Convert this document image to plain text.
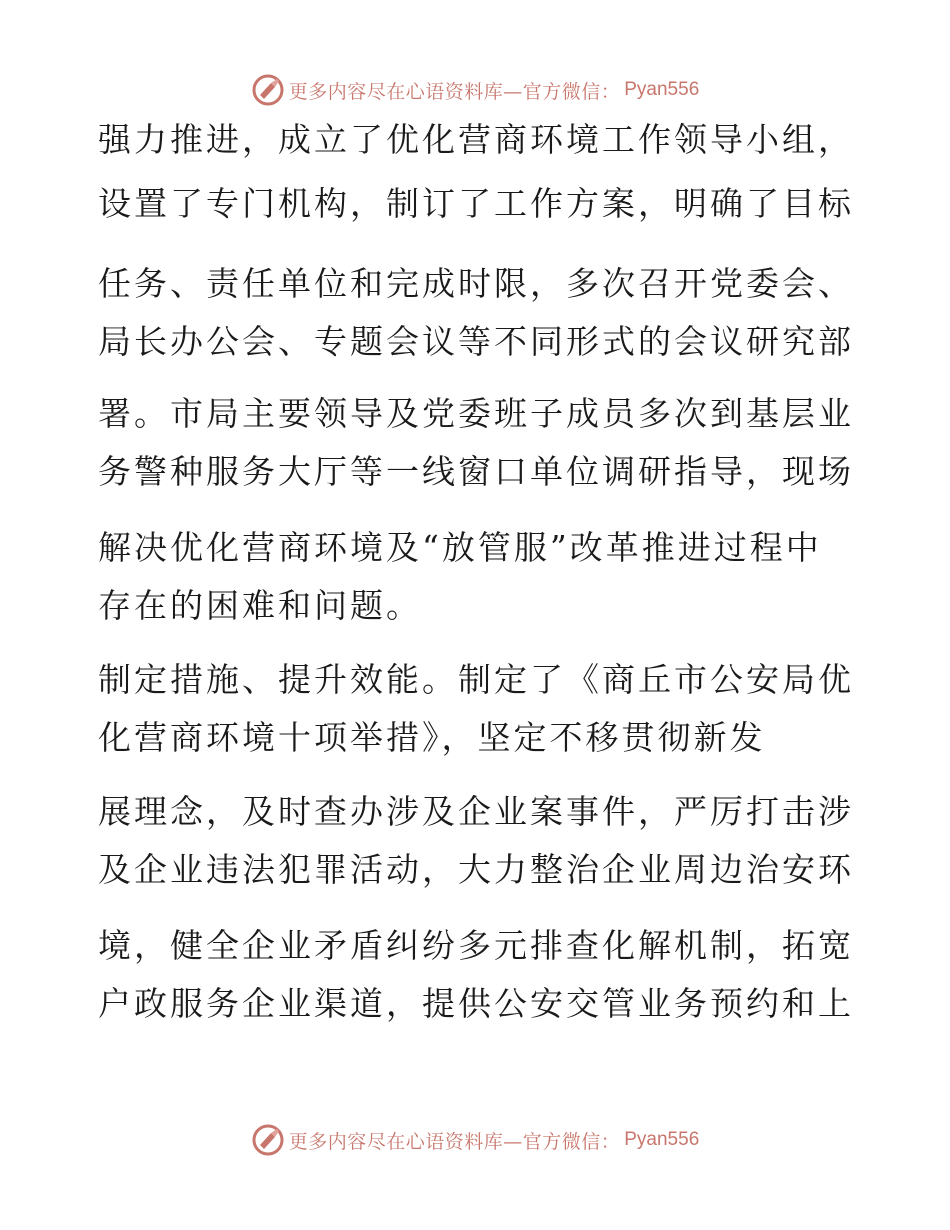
更多内容尽在心语资料库—官方微信： Pyan556
强力推进，成立了优化营商环境工作领导小组，
设置了专门机构，制订了工作方案，明确了目标
任务、责任单位和完成时限，多次召开党委会、
局长办公会、专题会议等不同形式的会议研究部
署。市局主要领导及党委班子成员多次到基层业
务警种服务大厅等一线窗口单位调研指导，现场
解决优化营商环境及“放管服”改革推进过程中
存在的困难和问题。
制定措施、提升效能。制定了《商丘市公安局优
化营商环境十项举措》，坚定不移贯彻新发
展理念，及时查办涉及企业案事件，严厉打击涉
及企业违法犯罪活动，大力整治企业周边治安环
境，健全企业矛盾纠纷多元排查化解机制，拓宽
户政服务企业渠道，提供公安交管业务预约和上
更多内容尽在心语资料库—官方微信： Pyan556
